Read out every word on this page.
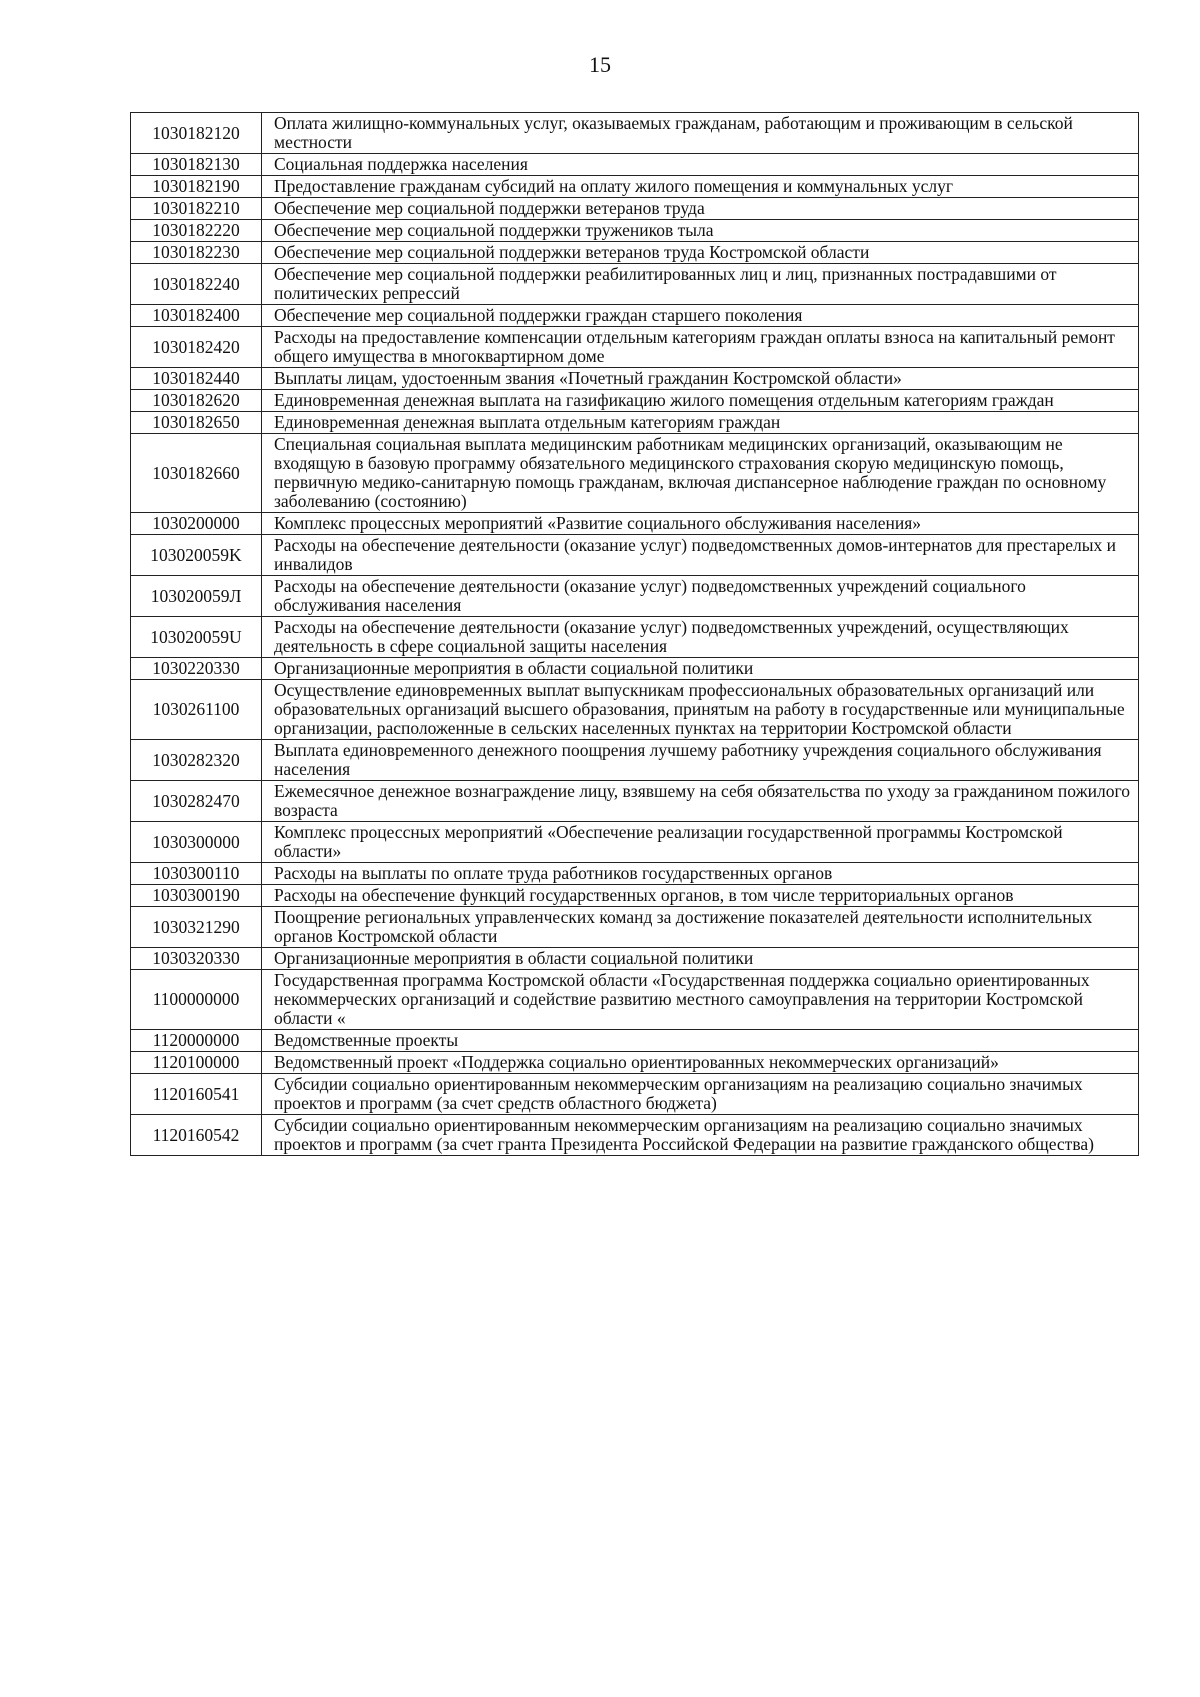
15
1030182120	Оплата жилищно-коммунальных услуг, оказываемых гражданам, работающим и проживающим в сельской местности
1030182130	Социальная поддержка населения
1030182190	Предоставление гражданам субсидий на оплату жилого помещения и коммунальных услуг
1030182210	Обеспечение мер социальной поддержки ветеранов труда
1030182220	Обеспечение мер социальной поддержки тружеников тыла
1030182230	Обеспечение мер социальной поддержки ветеранов труда Костромской области
1030182240	Обеспечение мер социальной поддержки реабилитированных лиц и лиц, признанных пострадавшими от политических репрессий
1030182400	Обеспечение мер социальной поддержки граждан старшего поколения
1030182420	Расходы на предоставление компенсации отдельным категориям граждан оплаты взноса на капитальный ремонт общего имущества в многоквартирном доме
1030182440	Выплаты лицам, удостоенным звания «Почетный гражданин Костромской области»
1030182620	Единовременная денежная выплата на газификацию жилого помещения отдельным категориям граждан
1030182650	Единовременная денежная выплата отдельным категориям граждан
1030182660	Специальная социальная выплата медицинским работникам медицинских организаций, оказывающим не входящую в базовую программу обязательного медицинского страхования скорую медицинскую помощь, первичную медико-санитарную помощь гражданам, включая диспансерное наблюдение граждан по основному заболеванию (состоянию)
1030200000	Комплекс процессных мероприятий «Развитие социального обслуживания населения»
103020059K	Расходы на обеспечение деятельности (оказание услуг) подведомственных домов-интернатов для престарелых и инвалидов
103020059Л	Расходы на обеспечение деятельности (оказание услуг) подведомственных учреждений социального обслуживания населения
103020059U	Расходы на обеспечение деятельности (оказание услуг) подведомственных учреждений, осуществляющих деятельность в сфере социальной защиты населения
1030220330	Организационные мероприятия в области социальной политики
1030261100	Осуществление единовременных выплат выпускникам профессиональных образовательных организаций или образовательных организаций высшего образования, принятым на работу в государственные или муниципальные организации, расположенные в сельских населенных пунктах на территории Костромской области
1030282320	Выплата единовременного денежного поощрения лучшему работнику учреждения социального обслуживания населения
1030282470	Ежемесячное денежное вознаграждение лицу, взявшему на себя обязательства по уходу за гражданином пожилого возраста
1030300000	Комплекс процессных мероприятий «Обеспечение реализации государственной программы Костромской области»
1030300110	Расходы на выплаты по оплате труда работников государственных органов
1030300190	Расходы на обеспечение функций государственных органов, в том числе территориальных органов
1030321290	Поощрение региональных управленческих команд за достижение показателей деятельности исполнительных органов Костромской области
1030320330	Организационные мероприятия в области социальной политики
1100000000	Государственная программа Костромской области «Государственная поддержка социально ориентированных некоммерческих организаций и содействие развитию местного самоуправления на территории Костромской области «
1120000000	Ведомственные проекты
1120100000	Ведомственный проект «Поддержка социально ориентированных некоммерческих организаций»
1120160541	Субсидии социально ориентированным некоммерческим организациям на реализацию социально значимых проектов и программ (за счет средств областного бюджета)
1120160542	Субсидии социально ориентированным некоммерческим организациям на реализацию социально значимых проектов и программ (за счет гранта Президента Российской Федерации на развитие гражданского общества)
